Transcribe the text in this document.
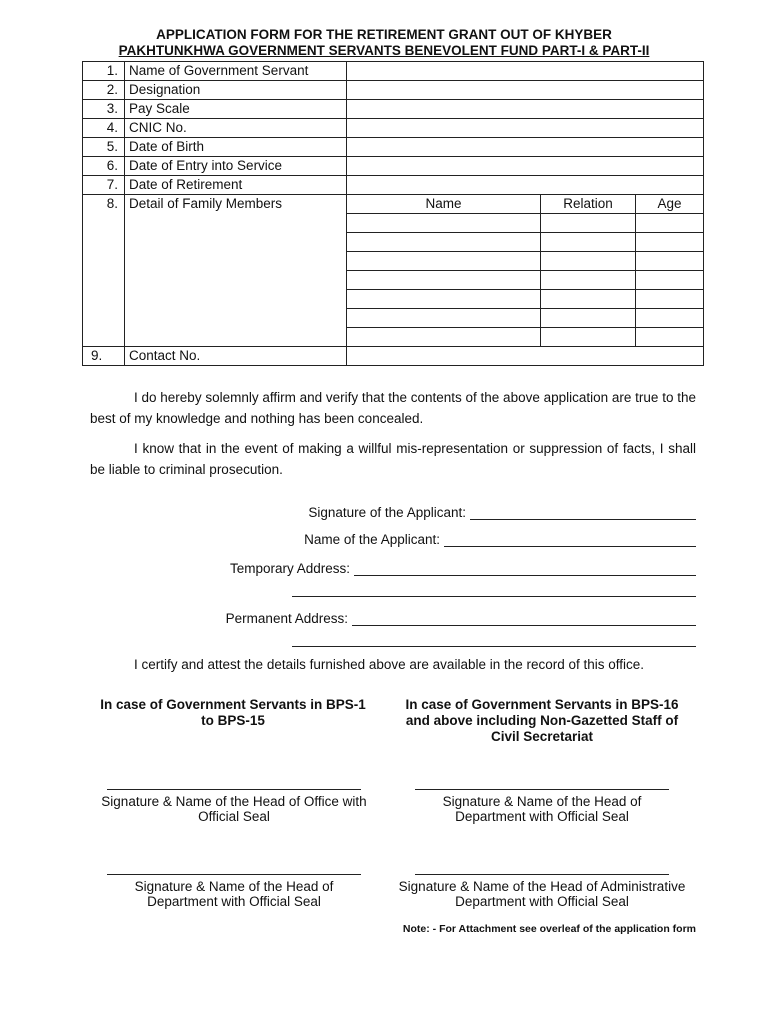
APPLICATION FORM FOR THE RETIREMENT GRANT OUT OF KHYBER
PAKHTUNKHWA GOVERNMENT SERVANTS BENEVOLENT FUND PART-I & PART-II
1.	Name of Government Servant			
2.	Designation			
3.	Pay Scale			
4.	CNIC No.			
5.	Date of Birth			
6.	Date of Entry into Service			
7.	Date of Retirement			
8.	Detail of Family Members	Name	Relation	Age

9.	Contact No.			
I do hereby solemnly affirm and verify that the contents of the above application are true to the best of my knowledge and nothing has been concealed.
I know that in the event of making a willful mis-representation or suppression of facts, I shall be liable to criminal prosecution.
Signature of the Applicant:
Name of the Applicant:
Temporary Address:
Permanent Address:
I certify and attest the details furnished above are available in the record of this office.
In case of Government Servants in BPS-1 to BPS-15
In case of Government Servants in BPS-16 and above including Non-Gazetted Staff of Civil Secretariat
Signature & Name of the Head of Office with Official Seal
Signature & Name of the Head of Department with Official Seal
Signature & Name of the Head of Department with Official Seal
Signature & Name of the Head of Administrative Department with Official Seal
Note: - For Attachment see overleaf of the application form
